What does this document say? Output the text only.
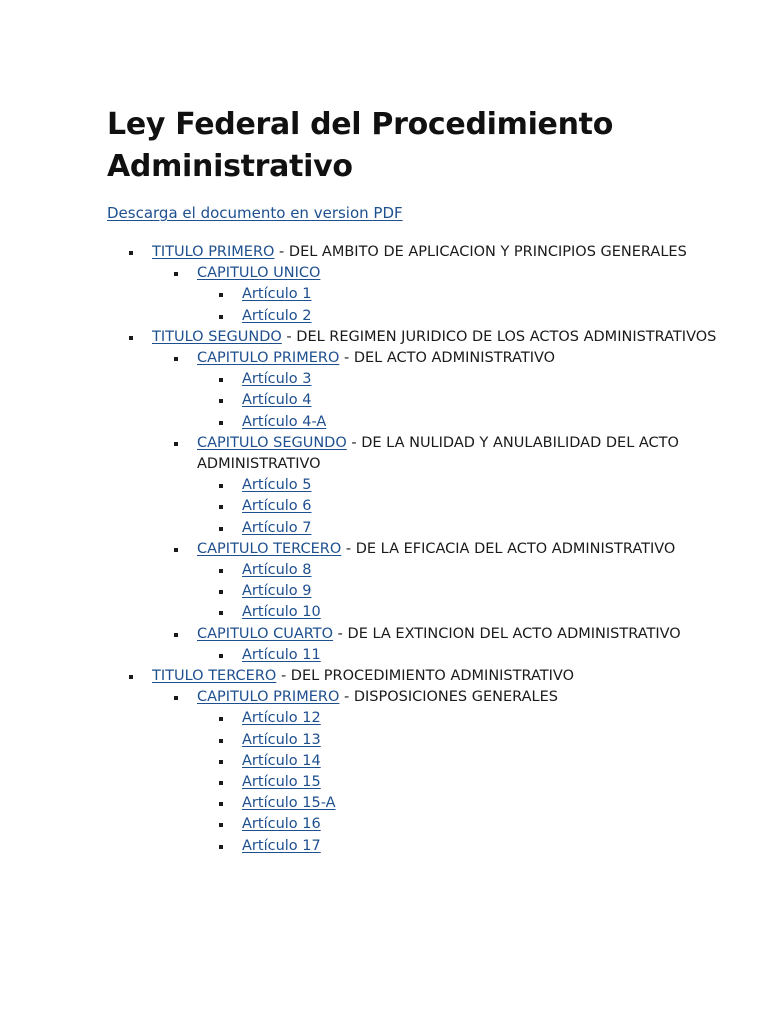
Ley Federal del Procedimiento Administrativo
Descarga el documento en version PDF
TITULO PRIMERO - DEL AMBITO DE APLICACION Y PRINCIPIOS GENERALES
CAPITULO UNICO
Artículo 1
Artículo 2
TITULO SEGUNDO - DEL REGIMEN JURIDICO DE LOS ACTOS ADMINISTRATIVOS
CAPITULO PRIMERO - DEL ACTO ADMINISTRATIVO
Artículo 3
Artículo 4
Artículo 4-A
CAPITULO SEGUNDO - DE LA NULIDAD Y ANULABILIDAD DEL ACTO ADMINISTRATIVO
Artículo 5
Artículo 6
Artículo 7
CAPITULO TERCERO - DE LA EFICACIA DEL ACTO ADMINISTRATIVO
Artículo 8
Artículo 9
Artículo 10
CAPITULO CUARTO - DE LA EXTINCION DEL ACTO ADMINISTRATIVO
Artículo 11
TITULO TERCERO - DEL PROCEDIMIENTO ADMINISTRATIVO
CAPITULO PRIMERO - DISPOSICIONES GENERALES
Artículo 12
Artículo 13
Artículo 14
Artículo 15
Artículo 15-A
Artículo 16
Artículo 17
